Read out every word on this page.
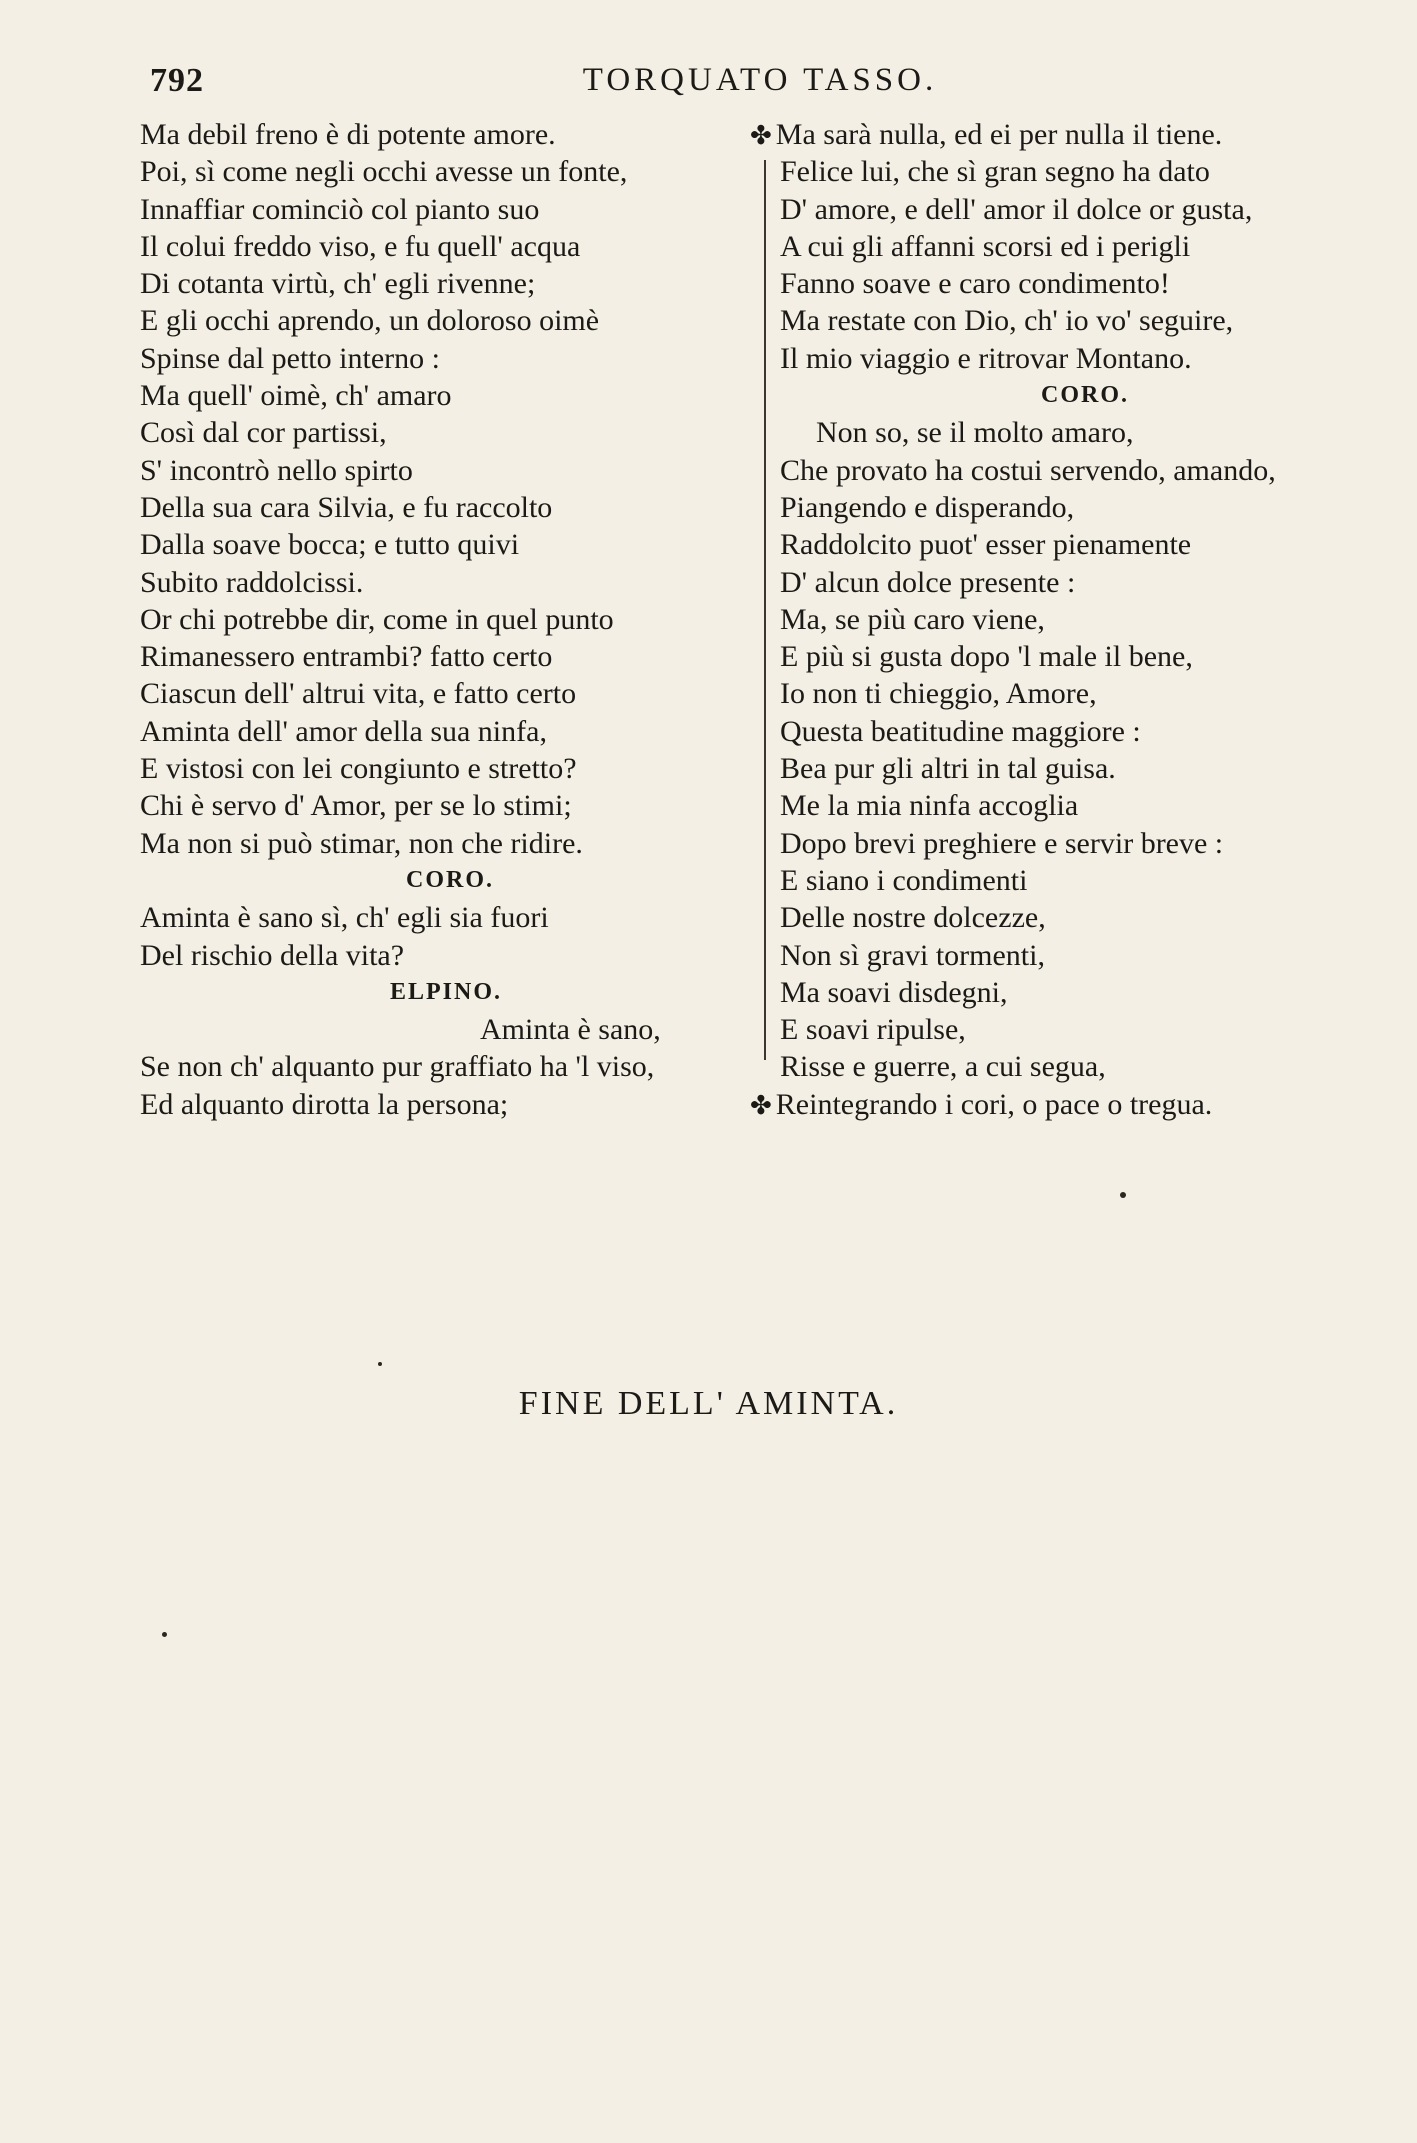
792	TORQUATO TASSO.
Ma debil freno è di potente amore.
Poi, sì come negli occhi avesse un fonte,
Innaffiar cominciò col pianto suo
Il colui freddo viso, e fu quell' acqua
Di cotanta virtù, ch' egli rivenne;
E gli occhi aprendo, un doloroso oimè
Spinse dal petto interno :
Ma quell' oimè, ch' amaro
Così dal cor partissi,
S' incontrò nello spirto
Della sua cara Silvia, e fu raccolto
Dalla soave bocca; e tutto quivi
Subito raddolcissi.
Or chi potrebbe dir, come in quel punto
Rimanessero entrambi? fatto certo
Ciascun dell' altrui vita, e fatto certo
Aminta dell' amor della sua ninfa,
E vistosi con lei congiunto e stretto?
Chi è servo d' Amor, per se lo stimi;
Ma non si può stimar, non che ridire.
CORO.
Aminta è sano sì, ch' egli sia fuori
Del rischio della vita?
ELPINO.
Aminta è sano,
Se non ch' alquanto pur graffiato ha 'l viso,
Ed alquanto dirotta la persona;
✤ Ma sarà nulla, ed ei per nulla il tiene.
Felice lui, che sì gran segno ha dato
D' amore, e dell' amor il dolce or gusta,
A cui gli affanni scorsi ed i perigli
Fanno soave e caro condimento!
Ma restate con Dio, ch' io vo' seguire,
Il mio viaggio e ritrovar Montano.
CORO.
Non so, se il molto amaro,
Che provato ha costui servendo, amando,
Piangendo e disperando,
Raddolcito puot' esser pienamente
D' alcun dolce presente :
Ma, se più caro viene,
E più si gusta dopo 'l male il bene,
Io non ti chieggio, Amore,
Questa beatitudine maggiore :
Bea pur gli altri in tal guisa.
Me la mia ninfa accoglia
Dopo brevi preghiere e servir breve :
E siano i condimenti
Delle nostre dolcezze,
Non sì gravi tormenti,
Ma soavi disdegni,
E soavi ripulse,
Risse e guerre, a cui segua,
✤ Reintegrando i cori, o pace o tregua.
FINE DELL' AMINTA.
